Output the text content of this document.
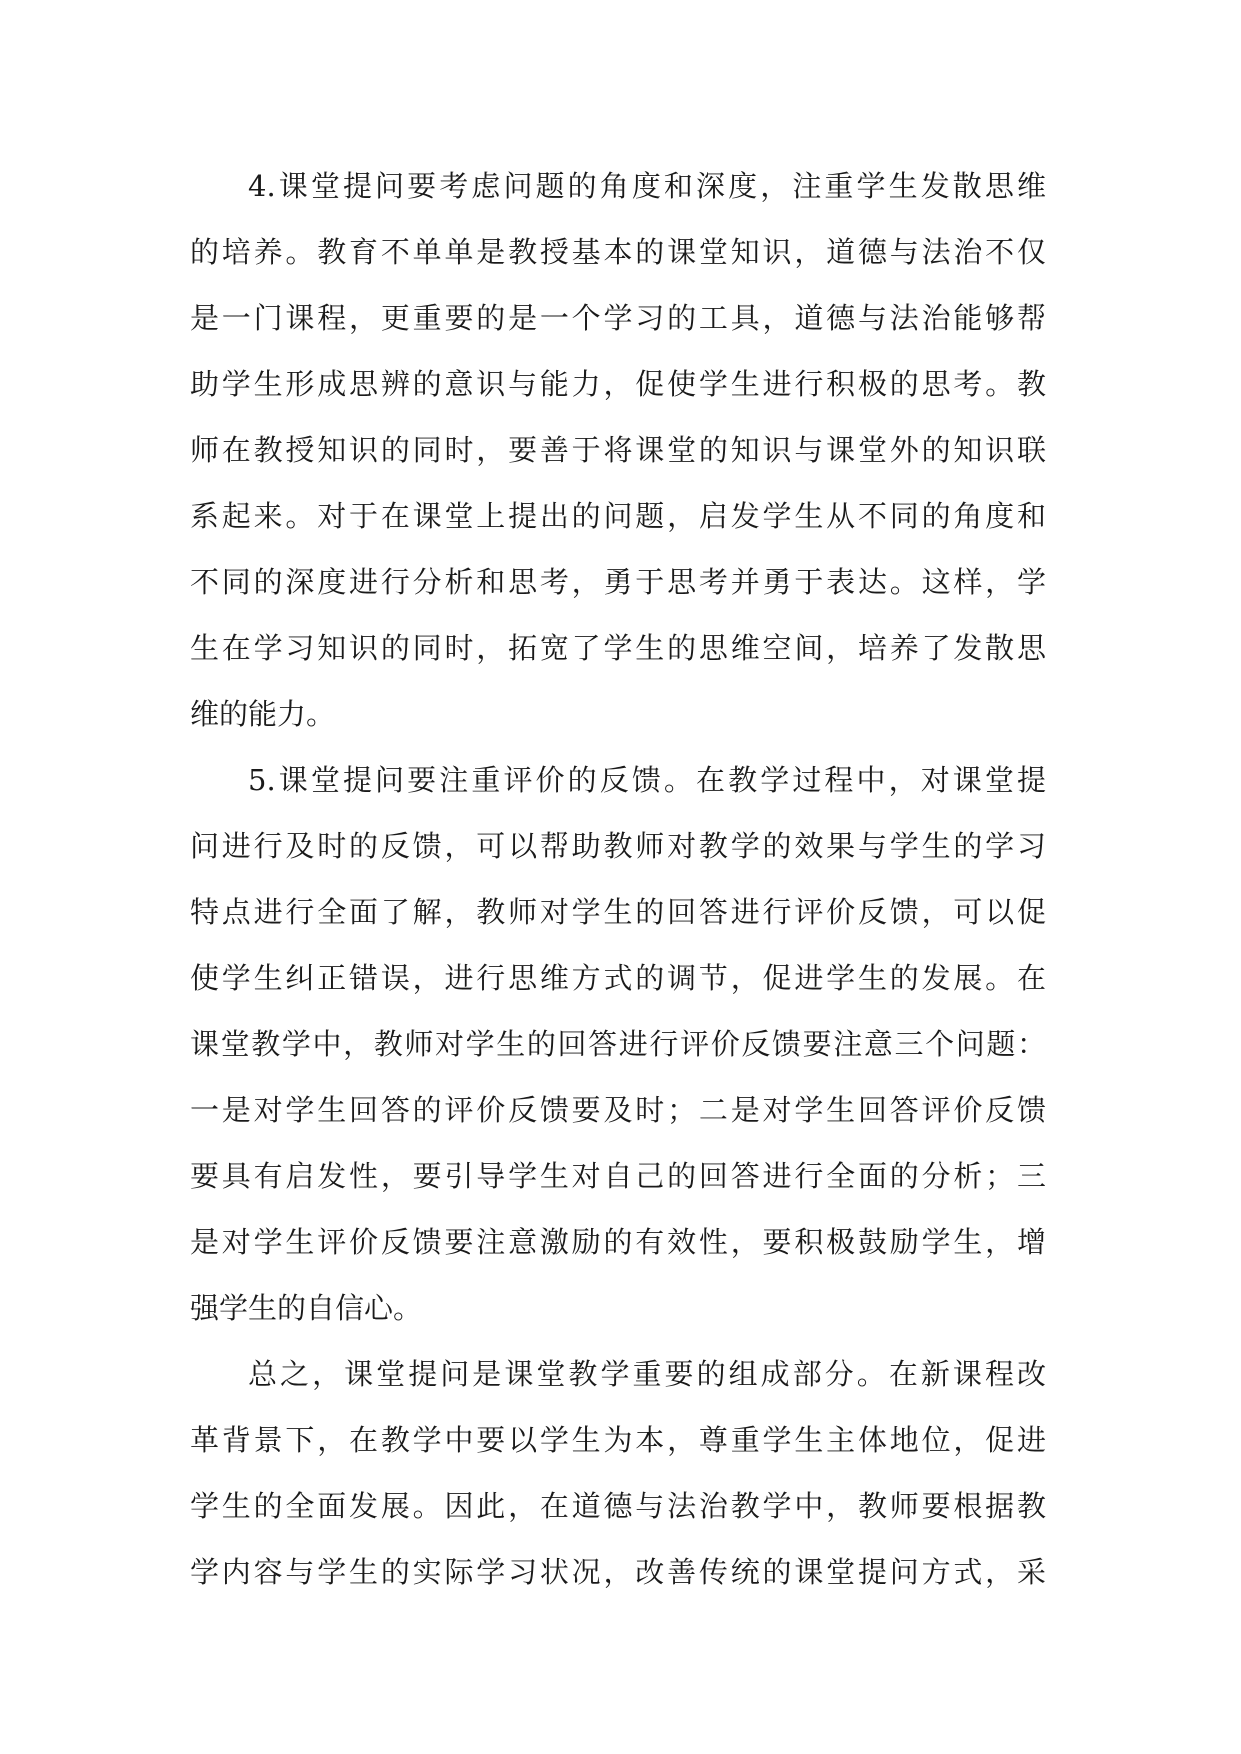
4.课堂提问要考虑问题的角度和深度，注重学生发散思维
的培养。教育不单单是教授基本的课堂知识，道德与法治不仅
是一门课程，更重要的是一个学习的工具，道德与法治能够帮
助学生形成思辨的意识与能力，促使学生进行积极的思考。教
师在教授知识的同时，要善于将课堂的知识与课堂外的知识联
系起来。对于在课堂上提出的问题，启发学生从不同的角度和
不同的深度进行分析和思考，勇于思考并勇于表达。这样，学
生在学习知识的同时，拓宽了学生的思维空间，培养了发散思
维的能力。
5.课堂提问要注重评价的反馈。在教学过程中，对课堂提
问进行及时的反馈，可以帮助教师对教学的效果与学生的学习
特点进行全面了解，教师对学生的回答进行评价反馈，可以促
使学生纠正错误，进行思维方式的调节，促进学生的发展。在
课堂教学中，教师对学生的回答进行评价反馈要注意三个问题：
一是对学生回答的评价反馈要及时；二是对学生回答评价反馈
要具有启发性，要引导学生对自己的回答进行全面的分析；三
是对学生评价反馈要注意激励的有效性，要积极鼓励学生，增
强学生的自信心。
总之，课堂提问是课堂教学重要的组成部分。在新课程改
革背景下，在教学中要以学生为本，尊重学生主体地位，促进
学生的全面发展。因此，在道德与法治教学中，教师要根据教
学内容与学生的实际学习状况，改善传统的课堂提问方式，采
